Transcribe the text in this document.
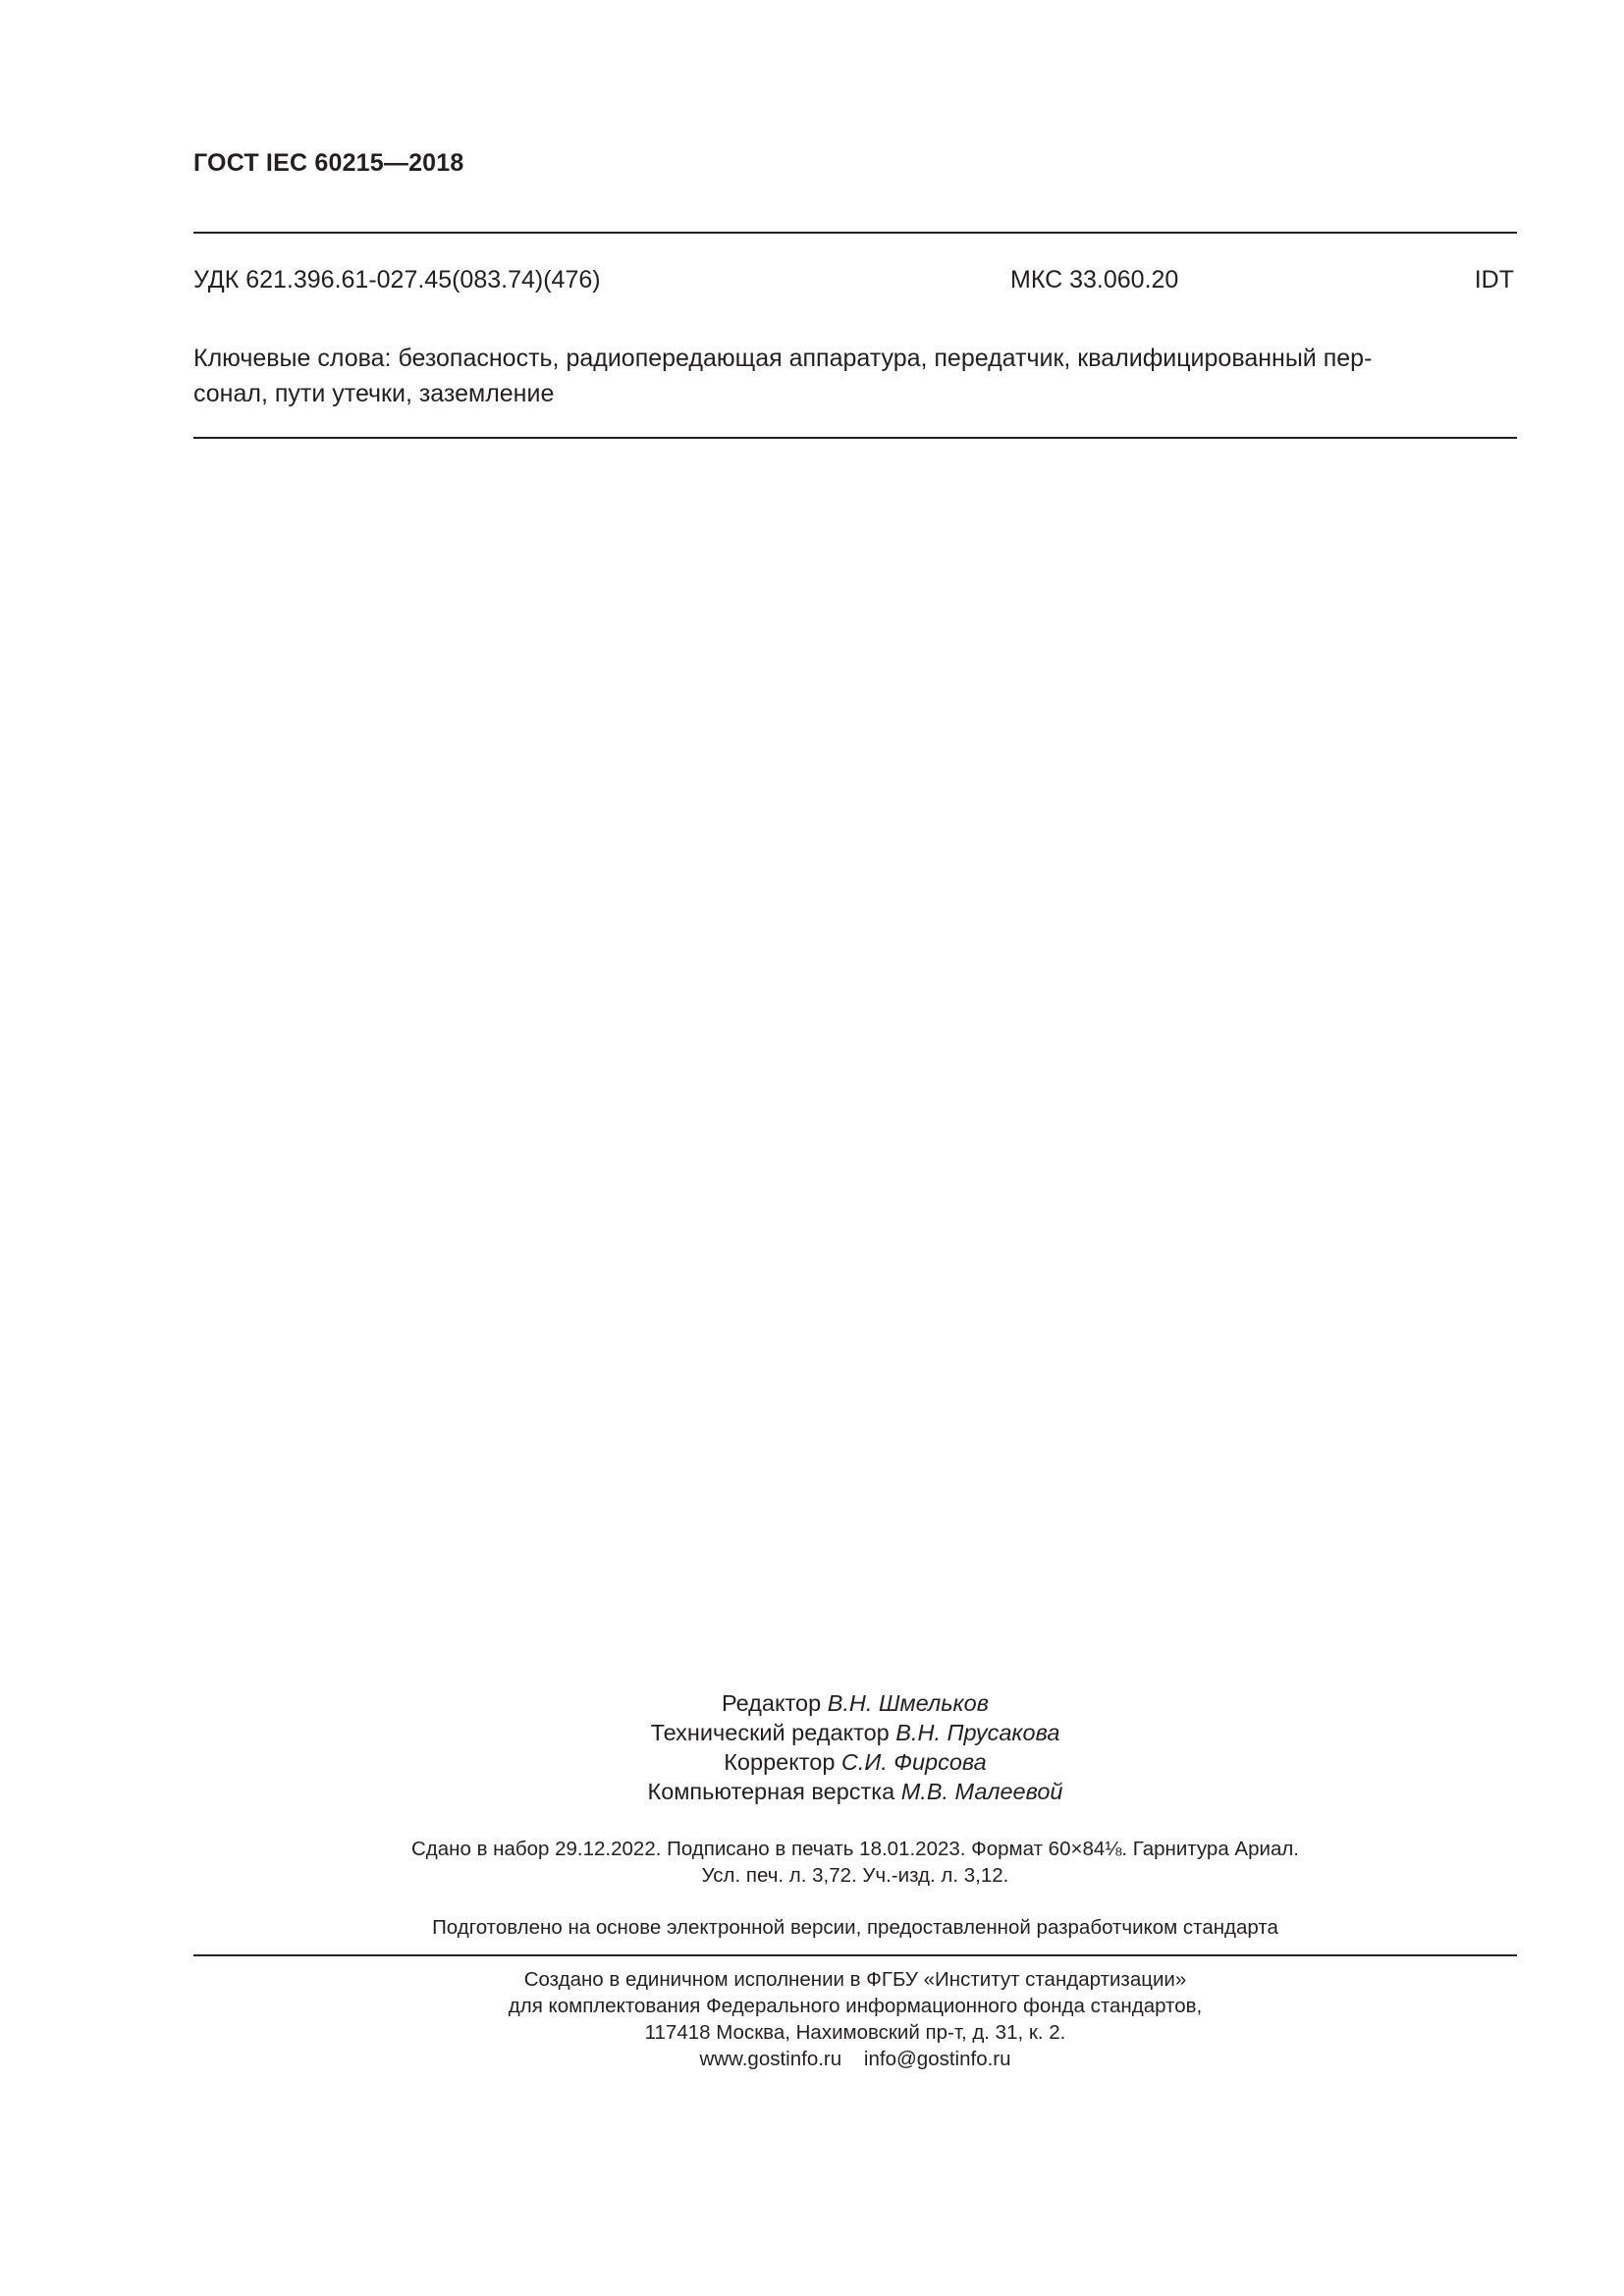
ГОСТ IEC 60215—2018
УДК 621.396.61-027.45(083.74)(476)	МКС 33.060.20	IDT
Ключевые слова: безопасность, радиопередающая аппаратура, передатчик, квалифицированный пер-
сонал, пути утечки, заземление
Редактор В.Н. Шмельков
Технический редактор В.Н. Прусакова
Корректор С.И. Фирсова
Компьютерная верстка М.В. Малеевой
Сдано в набор 29.12.2022. Подписано в печать 18.01.2023. Формат 60×84⅛. Гарнитура Ариал.
Усл. печ. л. 3,72. Уч.-изд. л. 3,12.
Подготовлено на основе электронной версии, предоставленной разработчиком стандарта
Создано в единичном исполнении в ФГБУ «Институт стандартизации»
для комплектования Федерального информационного фонда стандартов,
117418 Москва, Нахимовский пр-т, д. 31, к. 2.
www.gostinfo.ru    info@gostinfo.ru
